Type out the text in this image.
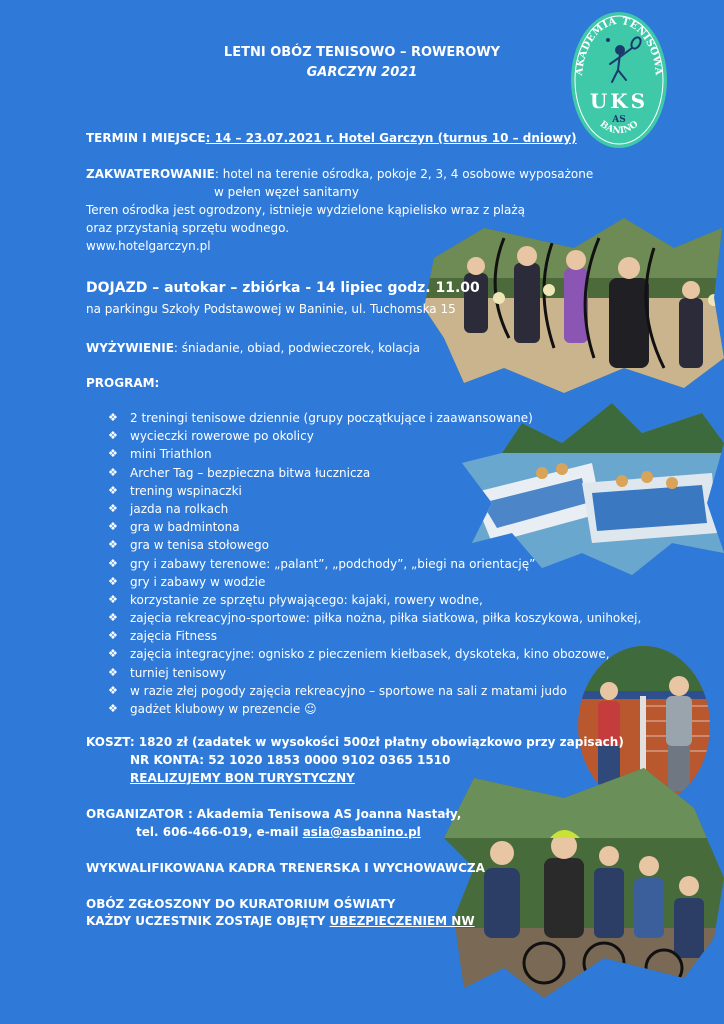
LETNI OBÓZ TENISOWO – ROWEROWY
GARCZYN 2021	AKADEMIA TENISOWA
UKS
AS
BANINO
TERMIN I MIEJSCE: 14 – 23.07.2021 r. Hotel Garczyn (turnus 10 – dniowy)
ZAKWATEROWANIE: hotel na terenie ośrodka, pokoje 2, 3, 4 osobowe wyposażone
w pełen węzeł sanitarny
Teren ośrodka jest ogrodzony, istnieje wydzielone kąpielisko wraz z plażą
oraz przystanią sprzętu wodnego.
www.hotelgarczyn.pl
DOJAZD – autokar – zbiórka - 14 lipiec godz. 11.00
na parkingu Szkoły Podstawowej w Baninie, ul. Tuchomska 15
WYŻYWIENIE: śniadanie, obiad, podwieczorek, kolacja
PROGRAM:
❖ 2 treningi tenisowe dziennie (grupy początkujące i zaawansowane)
❖ wycieczki rowerowe po okolicy
❖ mini Triathlon
❖ Archer Tag – bezpieczna bitwa łucznicza
❖ trening wspinaczki
❖ jazda na rolkach
❖ gra w badmintona
❖ gra w tenisa stołowego
❖ gry i zabawy terenowe: „palant”, „podchody”, „biegi na orientację”
❖ gry i zabawy w wodzie
❖ korzystanie ze sprzętu pływającego: kajaki, rowery wodne,
❖ zajęcia rekreacyjno-sportowe: piłka nożna, piłka siatkowa, piłka koszykowa, unihokej,
❖ zajęcia Fitness
❖ zajęcia integracyjne: ognisko z pieczeniem kiełbasek, dyskoteka, kino obozowe,
❖ turniej tenisowy
❖ w razie złej pogody zajęcia rekreacyjno – sportowe na sali z matami judo
❖ gadżet klubowy w prezencie ☺
KOSZT: 1820 zł (zadatek w wysokości 500zł płatny obowiązkowo przy zapisach)
NR KONTA: 52 1020 1853 0000 9102 0365 1510
REALIZUJEMY BON TURYSTYCZNY
ORGANIZATOR : Akademia Tenisowa AS Joanna Nastały,
tel. 606-466-019, e-mail asia@asbanino.pl
WYKWALIFIKOWANA KADRA TRENERSKA I WYCHOWAWCZA
OBÓZ ZGŁOSZONY DO KURATORIUM OŚWIATY
KAŻDY UCZESTNIK ZOSTAJE OBJĘTY UBEZPIECZENIEM NW
